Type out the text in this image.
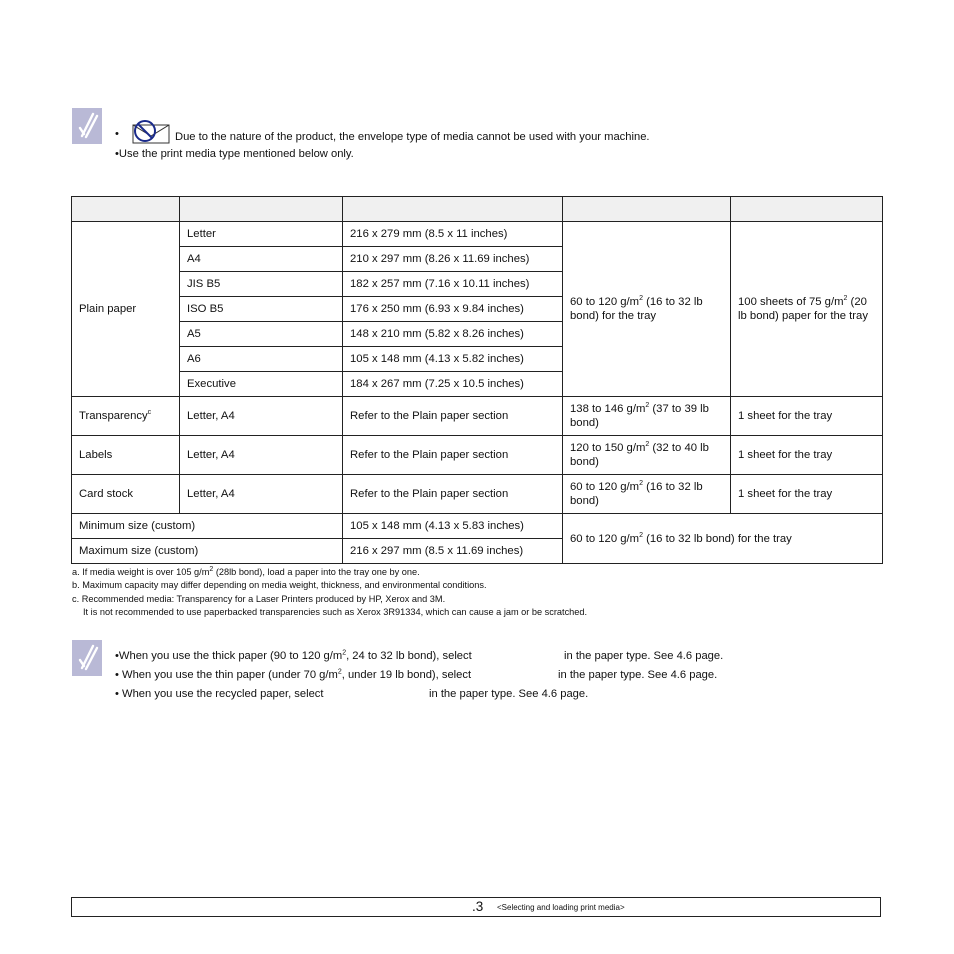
•	Due to the nature of the product, the envelope type of media cannot be used with your machine.
•Use the print media type mentioned below only.

Plain paper	Letter	216 x 279 mm (8.5 x 11 inches)	60 to 120 $g/m^2$ (16 to 32 lb bond) for the tray	100 sheets of 75 $g/m^2$ (20 lb bond) paper for the tray
	A4	210 x 297 mm (8.26 x 11.69 inches)		
	JIS B5	182 x 257 mm (7.16 x 10.11 inches)		
	ISO B5	176 x 250 mm (6.93 x 9.84 inches)		
	A5	148 x 210 mm (5.82 x 8.26 inches)		
	A6	105 x 148 mm (4.13 x 5.82 inches)		
	Executive	184 x 267 mm (7.25 x 10.5 inches)		
Transparency$^c$	Letter, A4	Refer to the Plain paper section	138 to 146 $g/m^2$ (37 to 39 lb bond)	1 sheet for the tray
Labels	Letter, A4	Refer to the Plain paper section	120 to 150 $g/m^2$ (32 to 40 lb bond)	1 sheet for the tray
Card stock	Letter, A4	Refer to the Plain paper section	60 to 120 $g/m^2$ (16 to 32 lb bond)	1 sheet for the tray
Minimum size (custom)		105 x 148 mm (4.13 x 5.83 inches)	60 to 120 $g/m^2$ (16 to 32 lb bond) for the tray	
Maximum size (custom)		216 x 297 mm (8.5 x 11.69 inches)		
a. If media weight is over 105 $g/m^2$ (28lb bond), load a paper into the tray one by one.
b. Maximum capacity may differ depending on media weight, thickness, and environmental conditions.
c. Recommended media: Transparency for a Laser Printers produced by HP, Xerox and 3M.
It is not recommended to use paperbacked transparencies such as Xerox 3R91334, which can cause a jam or be scratched.
•When you use the thick paper (90 to 120 $g/m^2$, 24 to 32 lb bond), select	in the paper type. See 4.6 page.
• When you use the thin paper (under 70 $g/m^2$, under 19 lb bond), select	in the paper type. See 4.6 page.
• When you use the recycled paper, select	in the paper type. See 4.6 page.
.3 <Selecting and loading print media>
